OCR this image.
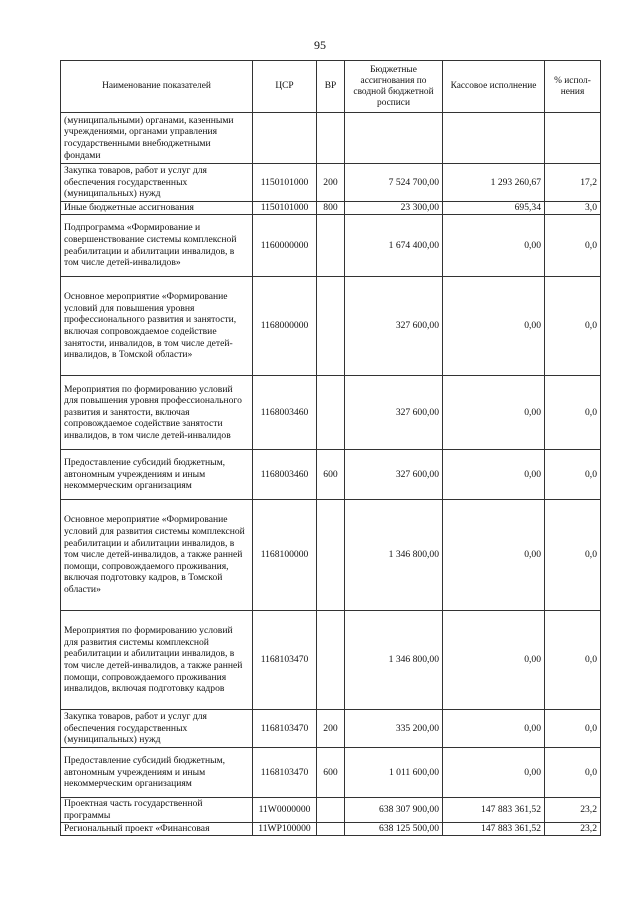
95
Наименование показателей	ЦСР	ВР	Бюджетные ассигнования по сводной бюджетной росписи	Кассовое исполнение	% испол-нения
(муниципальными) органами, казенными учреждениями, органами управления государственными внебюджетными фондами					
Закупка товаров, работ и услуг для обеспечения государственных (муниципальных) нужд	1150101000	200	7 524 700,00	1 293 260,67	17,2
Иные бюджетные ассигнования	1150101000	800	23 300,00	695,34	3,0
Подпрограмма «Формирование и совершенствование системы комплексной реабилитации и абилитации инвалидов, в том числе детей-инвалидов»	1160000000		1 674 400,00	0,00	0,0
Основное мероприятие «Формирование условий для повышения уровня профессионального развития и занятости, включая сопровождаемое содействие занятости, инвалидов, в том числе детей-инвалидов, в Томской области»	1168000000		327 600,00	0,00	0,0
Мероприятия по формированию условий для повышения уровня профессионального развития и занятости, включая сопровождаемое содействие занятости инвалидов, в том числе детей-инвалидов	1168003460		327 600,00	0,00	0,0
Предоставление субсидий бюджетным, автономным учреждениям и иным некоммерческим организациям	1168003460	600	327 600,00	0,00	0,0
Основное мероприятие «Формирование условий для развития системы комплексной реабилитации и абилитации инвалидов, в том числе детей-инвалидов, а также ранней помощи, сопровождаемого проживания, включая подготовку кадров, в Томской области»	1168100000		1 346 800,00	0,00	0,0
Мероприятия по формированию условий для развития системы комплексной реабилитации и абилитации инвалидов, в том числе детей-инвалидов, а также ранней помощи, сопровождаемого проживания инвалидов, включая подготовку кадров	1168103470		1 346 800,00	0,00	0,0
Закупка товаров, работ и услуг для обеспечения государственных (муниципальных) нужд	1168103470	200	335 200,00	0,00	0,0
Предоставление субсидий бюджетным, автономным учреждениям и иным некоммерческим организациям	1168103470	600	1 011 600,00	0,00	0,0
Проектная часть государственной программы	11W0000000		638 307 900,00	147 883 361,52	23,2
Региональный проект «Финансовая	11WP100000		638 125 500,00	147 883 361,52	23,2
